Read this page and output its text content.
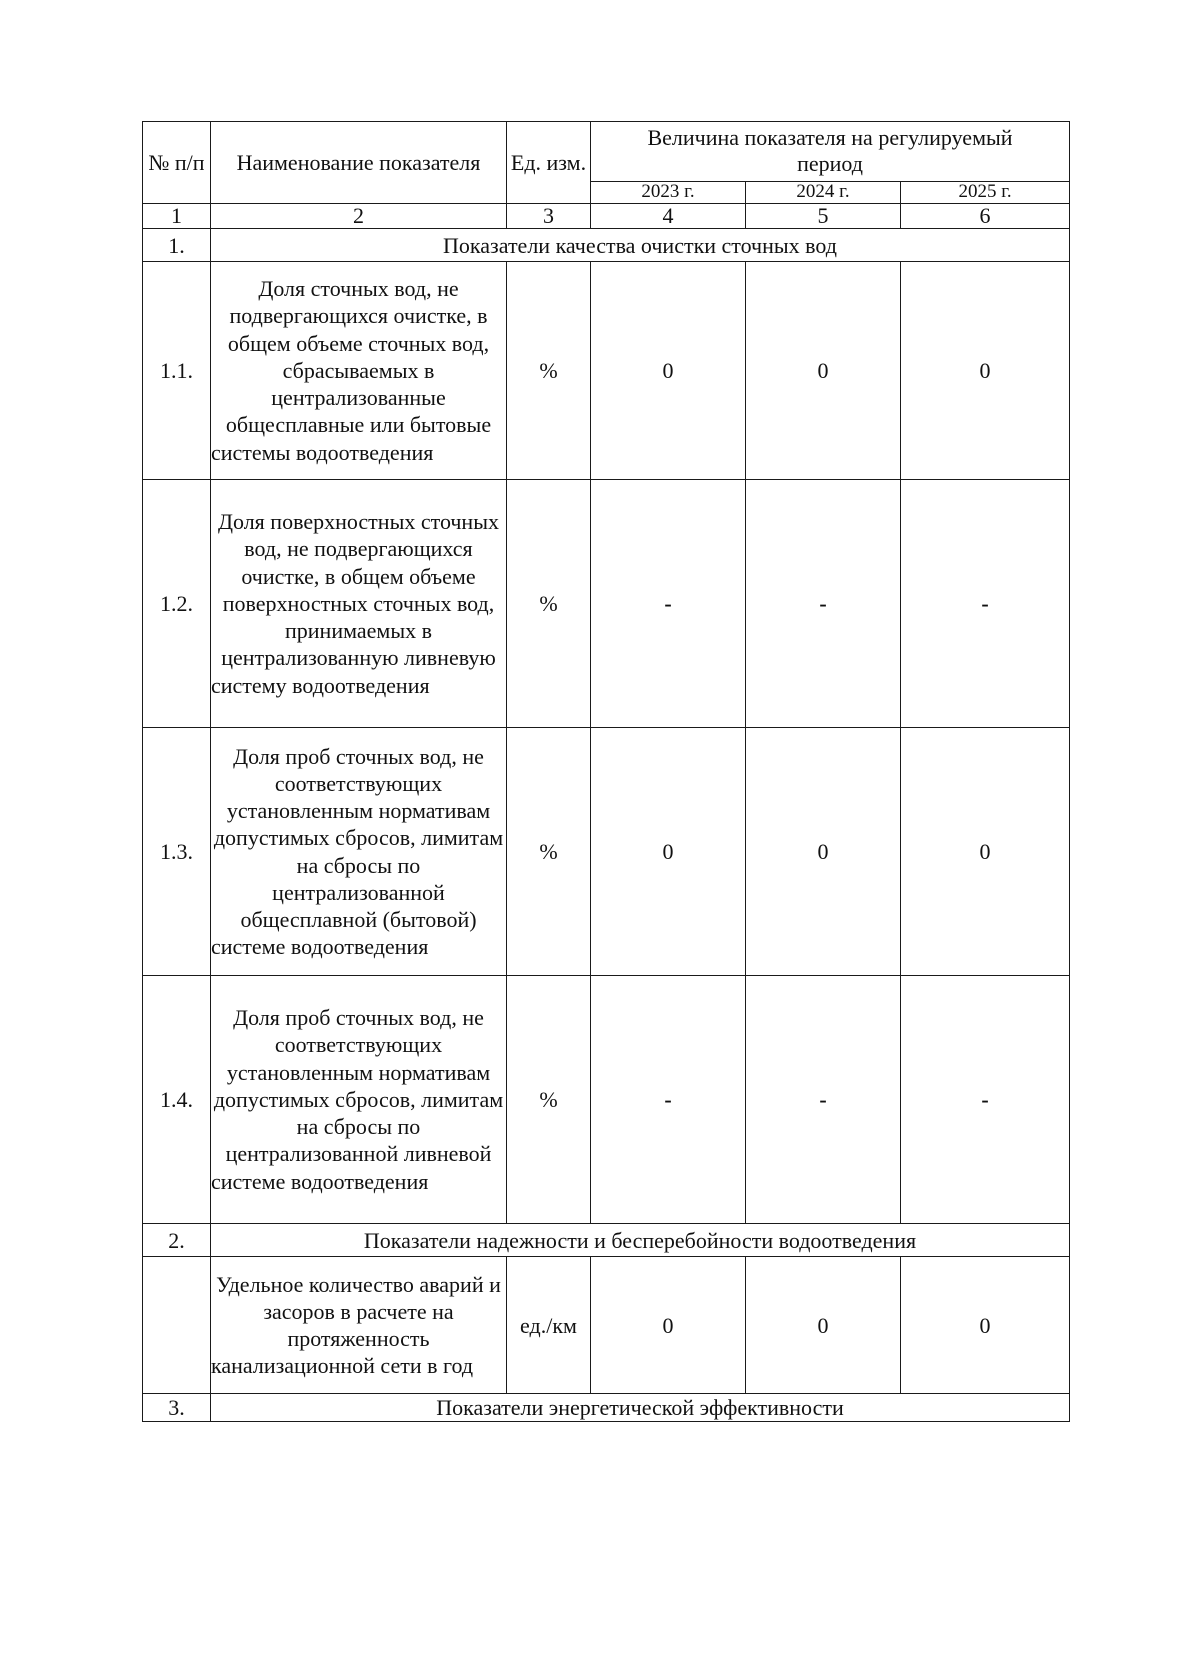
№ п/п	Наименование показателя	Ед. изм.	Величина показателя на регулируемый период		
			2023 г.	2024 г.	2025 г.
1	2	3	4	5	6
1.	Показатели качества очистки сточных вод				
1.1.	Доля сточных вод, не подвергающихся очистке, в общем объеме сточных вод, сбрасываемых в централизованные общесплавные или бытовые системы водоотведения	%	0	0	0
1.2.	Доля поверхностных сточных вод, не подвергающихся очистке, в общем объеме поверхностных сточных вод, принимаемых в централизованную ливневую систему водоотведения	%	-	-	-
1.3.	Доля проб сточных вод, не соответствующих установленным нормативам допустимых сбросов, лимитам на сбросы по централизованной общесплавной (бытовой) системе водоотведения	%	0	0	0
1.4.	Доля проб сточных вод, не соответствующих установленным нормативам допустимых сбросов, лимитам на сбросы по централизованной ливневой системе водоотведения	%	-	-	-
2.	Показатели надежности и бесперебойности водоотведения				
	Удельное количество аварий и засоров в расчете на протяженность канализационной сети в год	ед./км	0	0	0
3.	Показатели энергетической эффективности				
